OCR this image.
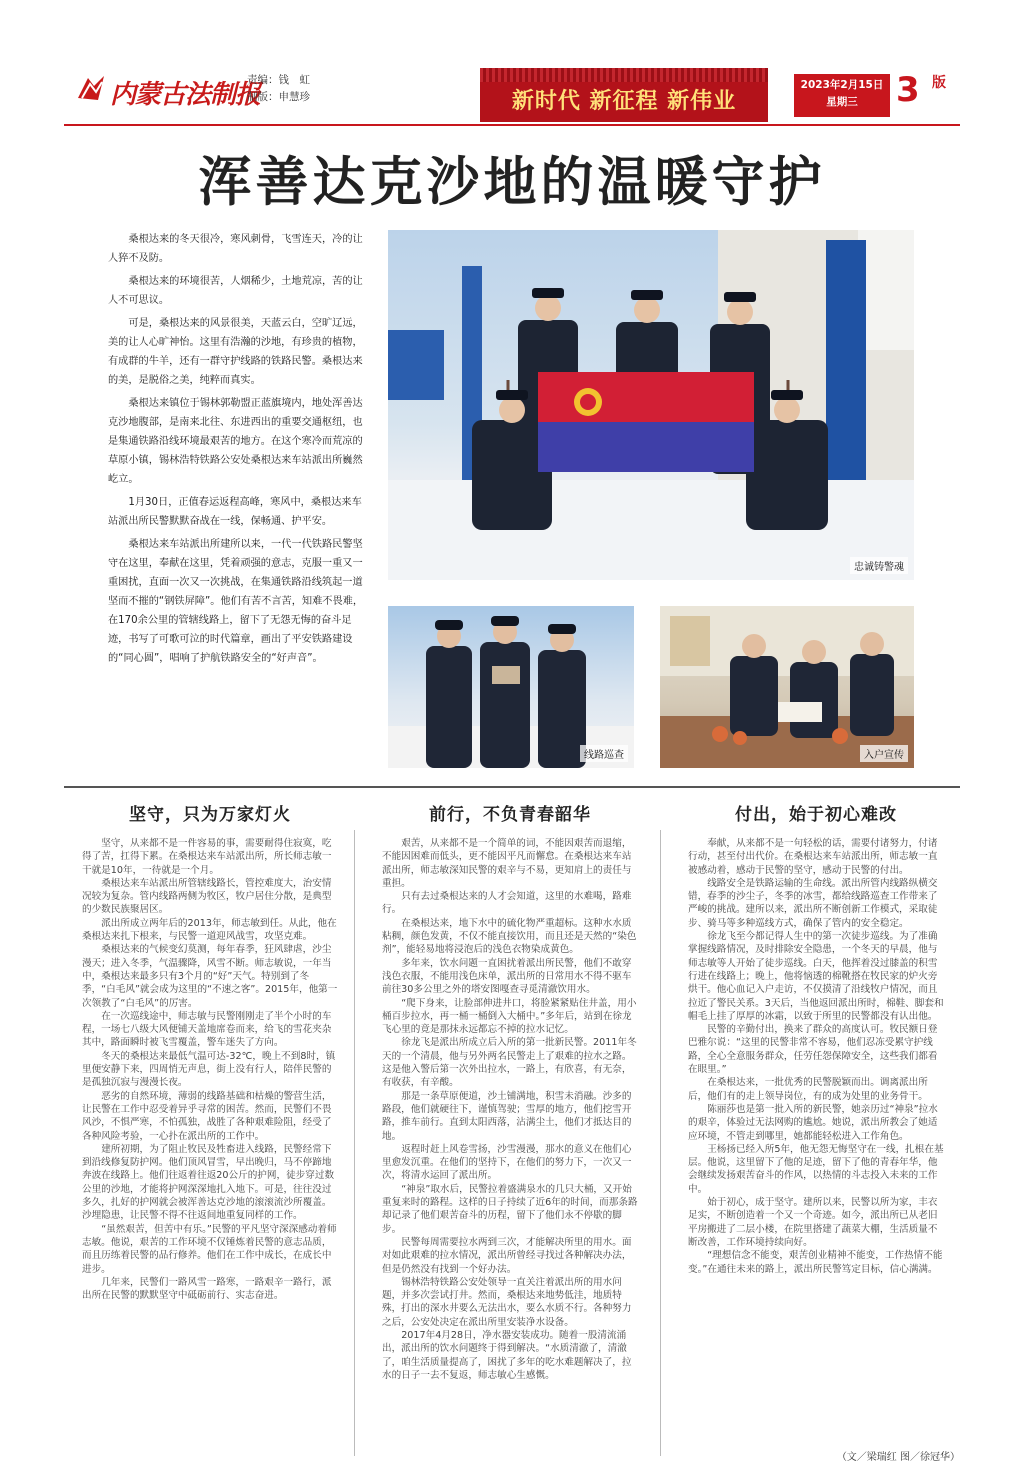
内蒙古法制报
责编：钱　虹
制版：申慧珍	新时代 新征程 新伟业
2023年2月15日
星期三	3 版
浑善达克沙地的温暖守护

桑根达来的冬天很冷，寒风刺骨，飞雪连天，冷的让人猝不及防。

桑根达来的环境很苦，人烟稀少，土地荒凉，苦的让人不可思议。

可是，桑根达来的风景很美，天蓝云白，空旷辽远，美的让人心旷神怡。这里有浩瀚的沙地，有珍贵的植物，有成群的牛羊，还有一群守护线路的铁路民警。桑根达来的美，是脱俗之美，纯粹而真实。

桑根达来镇位于锡林郭勒盟正蓝旗境内，地处浑善达克沙地腹部，是南来北往、东进西出的重要交通枢纽，也是集通铁路沿线环境最艰苦的地方。在这个寒冷而荒凉的草原小镇，锡林浩特铁路公安处桑根达来车站派出所巍然屹立。

1月30日，正值春运返程高峰，寒风中，桑根达来车站派出所民警默默奋战在一线，保畅通、护平安。

桑根达来车站派出所建所以来，一代一代铁路民警坚守在这里，奉献在这里，凭着顽强的意志，克服一重又一重困扰，直面一次又一次挑战，在集通铁路沿线筑起一道坚而不摧的“钢铁屏障”。他们有苦不言苦，知难不畏难，在170余公里的管辖线路上，留下了无怨无悔的奋斗足迹，书写了可歌可泣的时代篇章，画出了平安铁路建设的“同心圆”，唱响了护航铁路安全的“好声音”。

忠诚铸警魂
线路巡查	入户宣传
坚守，只为万家灯火

坚守，从来都不是一件容易的事，需要耐得住寂寞，吃得了苦，扛得下累。在桑根达来车站派出所，所长师志敏一干就是10年，一待就是一个月。

桑根达来车站派出所管辖线路长，管控难度大，治安情况较为复杂。管内线路两侧为牧区，牧户居住分散，是典型的少数民族聚居区。

派出所成立两年后的2013年，师志敏到任。从此，他在桑根达来扎下根来，与民警一道迎风战雪，攻坚克难。

桑根达来的气候变幻莫测，每年春季，狂风肆虐，沙尘漫天；进入冬季，气温骤降，风雪不断。师志敏说，一年当中，桑根达来最多只有3个月的“好”天气。特别到了冬季，“白毛风”就会成为这里的“不速之客”。2015年，他第一次领教了“白毛风”的厉害。

在一次巡线途中，师志敏与民警刚刚走了半个小时的车程，一场七八级大风便铺天盖地席卷而来，给飞的雪花夹杂其中，路面瞬时被飞雪覆盖，警车迷失了方向。

冬天的桑根达来最低气温可达-32℃，晚上不到8时，镇里便安静下来，四周悄无声息，街上没有行人，陪伴民警的是孤独沉寂与漫漫长夜。

恶劣的自然环境，薄弱的线路基础和枯燥的警营生活，让民警在工作中忍受着异乎寻常的困苦。然而，民警们不畏风沙，不惧严寒，不怕孤独，战胜了各种艰难险阻，经受了各种风险考验，一心扑在派出所的工作中。

建所初期，为了阻止牧民及牲畜进入线路，民警经常下到沿线修复防护网。他们顶风冒雪，早出晚归，马不停蹄地奔波在线路上。他们往返着往返20公斤的护网，徒步穿过数公里的沙地，才能将护网深深地扎入地下。可是，往往没过多久，扎好的护网就会被浑善达克沙地的滚滚流沙所覆盖。沙埋隐患，让民警不得不往返间地重复同样的工作。

“虽然艰苦，但苦中有乐。”民警的平凡坚守深深感动着师志敏。他说，艰苦的工作环境不仅锤炼着民警的意志品质，而且历练着民警的品行修养。他们在工作中成长，在成长中进步。

几年来，民警们一路风雪一路寒，一路艰辛一路行，派出所在民警的默默坚守中砥砺前行、实志奋进。

前行，不负青春韶华

艰苦，从来都不是一个简单的词，不能因艰苦而退缩，不能因困难而低头，更不能因平凡而懈怠。在桑根达来车站派出所，师志敏深知民警的艰辛与不易，更知肩上的责任与重担。

只有去过桑根达来的人才会知道，这里的水难喝，路难行。

在桑根达来，地下水中的硫化物严重超标。这种水水质粘稠，颜色发黄，不仅不能直接饮用，而且还是天然的“染色剂”，能轻易地将浸泡后的浅色衣物染成黄色。

多年来，饮水问题一直困扰着派出所民警，他们不敢穿浅色衣服，不能用浅色床单，派出所的日常用水不得不驱车前往30多公里之外的塔安图嘎查寻觅清澈饮用水。

“爬下身来，让脸部伸进井口，将脸紧紧贴住井盖，用小桶百步拉水，再一桶一桶倒入大桶中。”多年后，站到在徐龙飞心里的竟是那抹永远都忘不掉的拉水记忆。

徐龙飞是派出所成立后入所的第一批新民警。2011年冬天的一个清晨，他与另外两名民警走上了艰难的拉水之路。这是他入警后第一次外出拉水，一路上，有欣喜，有无奈，有收获，有辛酸。

那是一条草原便道，沙土铺满地，积雪未消融。沙多的路段，他们就硬往下，谨慎驾驶；雪厚的地方，他们挖雪开路，推车前行。直到太阳西落，沾满尘土，他们才抵达目的地。

返程时赶上风卷雪扬，沙雪漫漫，那水的意义在他们心里愈发沉重。在他们的坚持下，在他们的努力下，一次又一次，将清水运回了派出所。

“神泉”取水后，民警拉着盛满泉水的几只大桶，又开始重复来时的路程。这样的日子持续了近6年的时间，而那条路却记录了他们艰苦奋斗的历程，留下了他们永不停歇的脚步。

民警每周需要拉水两到三次，才能解决所里的用水。面对如此艰难的拉水情况，派出所曾经寻找过各种解决办法，但是仍然没有找到一个好办法。

锡林浩特铁路公安处领导一直关注着派出所的用水问题，并多次尝试打井。然而，桑根达来地势低洼，地质特殊，打出的深水井要么无法出水，要么水质不行。各种努力之后，公安处决定在派出所里安装净水设备。

2017年4月28日，净水器安装成功。随着一股清流涌出，派出所的饮水问题终于得到解决。“水质清澈了，清澈了，咱生活质量提高了，困扰了多年的吃水难题解决了，拉水的日子一去不复返，师志敏心生感慨。

付出，始于初心难改

奉献，从来都不是一句轻松的话，需要付诸努力，付诸行动，甚至付出代价。在桑根达来车站派出所，师志敏一直被感动着，感动于民警的坚守，感动于民警的付出。

线路安全是铁路运输的生命线。派出所管内线路纵横交错，春季的沙尘子，冬季的冰雪，都给线路巡查工作带来了严峻的挑战。建所以来，派出所不断创新工作模式，采取徒步、骑马等多种巡线方式，确保了管内的安全稳定。

徐龙飞至今都记得人生中的第一次徒步巡线。为了准确掌握线路情况，及时排除安全隐患，一个冬天的早晨，他与师志敏等人开始了徒步巡线。白天，他挥着没过膝盖的积雪行进在线路上；晚上，他将恼透的棉靴搭在牧民家的炉火旁烘干。他心血记入户走访，不仅摸清了沿线牧户情况，而且拉近了警民关系。3天后，当他返回派出所时，棉鞋、脚套和帽毛上挂了厚厚的冰霜，以致于所里的民警都没有认出他。

民警的辛勤付出，换来了群众的高度认可。牧民额日登巴雅尔说：“这里的民警非常不容易，他们忍冻受累守护线路，全心全意服务群众，任劳任怨保障安全，这些我们都看在眼里。”

在桑根达来，一批优秀的民警脱颖而出。调离派出所后，他们有的走上领导岗位，有的成为处里的业务骨干。

陈丽莎也是第一批入所的新民警，她亲历过“神泉”拉水的艰辛，体验过无法网购的尴尬。她说，派出所教会了她适应环境，不管走到哪里，她都能轻松进入工作角色。

王杨扬已经入所5年，他无怨无悔坚守在一线，扎根在基层。他说，这里留下了他的足迹，留下了他的青春年华，他会继续发扬艰苦奋斗的作风，以热情的斗志投入未来的工作中。

始于初心，成于坚守。建所以来，民警以所为家，丰衣足实，不断创造着一个又一个奇迹。如今，派出所已从老旧平房搬进了二层小楼，在院里搭建了蔬菜大棚，生活质量不断改善，工作环境持续向好。

“理想信念不能变，艰苦创业精神不能变，工作热情不能变。”在通往未来的路上，派出所民警笃定目标，信心满满。

（文／梁瑞红 图／徐冠华）
